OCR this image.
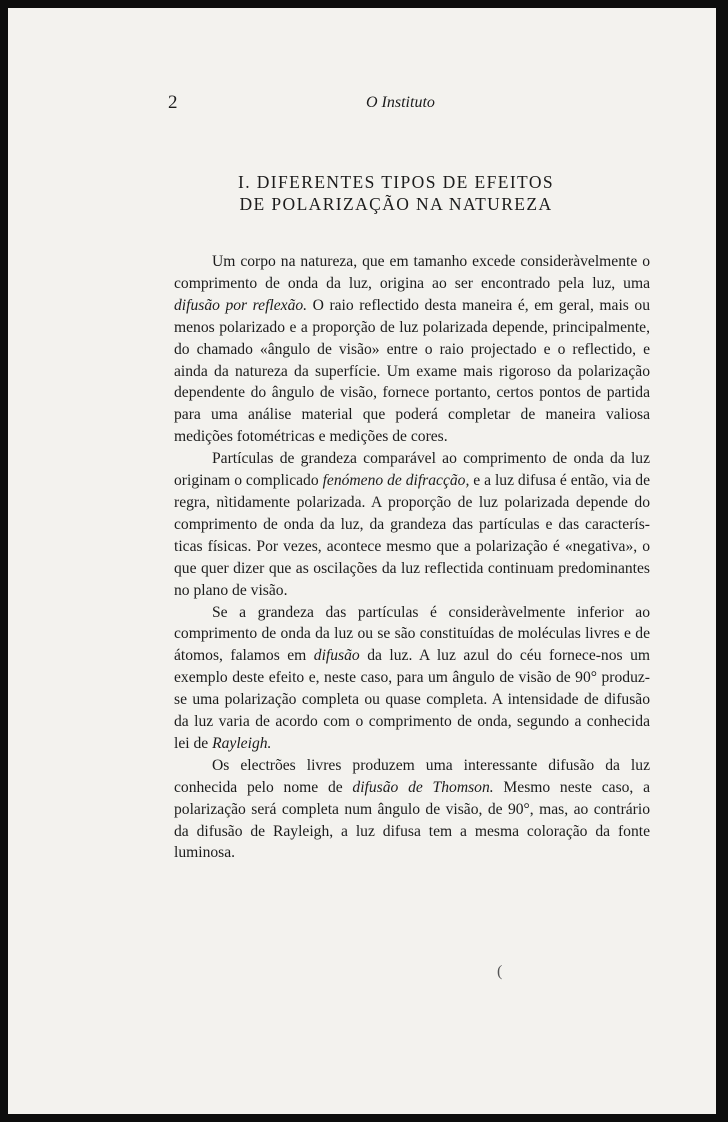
2	O Instituto
I. DIFERENTES TIPOS DE EFEITOS
DE POLARIZAÇÃO NA NATUREZA

Um corpo na natureza, que em tamanho excede consideràvelmente o comprimento de onda da luz, origina ao ser encontrado pela luz, uma difusão por reflexão. O raio reflectido desta maneira é, em geral, mais ou menos polarizado e a proporção de luz polarizada depende, principalmente, do chamado «ângulo de visão» entre o raio projectado e o reflectido, e ainda da natureza da superfície. Um exame mais rigoroso da polarização dependente do ângulo de visão, fornece portanto, certos pontos de partida para uma análise material que poderá completar de maneira valiosa medições fotométricas e medições de cores.

Partículas de grandeza comparável ao comprimento de onda da luz originam o complicado fenómeno de difracção, e a luz difusa é então, via de regra, nìtidamente polarizada. A proporção de luz polarizada depende do comprimento de onda da luz, da grandeza das partículas e das características físicas. Por vezes, acontece mesmo que a polarização é «negativa», o que quer dizer que as oscilações da luz reflectida continuam predominantes no plano de visão.

Se a grandeza das partículas é consideràvelmente inferior ao comprimento de onda da luz ou se são constituídas de moléculas livres e de átomos, falamos em difusão da luz. A luz azul do céu fornece-nos um exemplo deste efeito e, neste caso, para um ângulo de visão de 90° produz-se uma polarização completa ou quase completa. A intensidade de difusão da luz varia de acordo com o comprimento de onda, segundo a conhecida lei de Rayleigh.

Os electrões livres produzem uma interessante difusão da luz conhecida pelo nome de difusão de Thomson. Mesmo neste caso, a polarização será completa num ângulo de visão, de 90°, mas, ao contrário da difusão de Rayleigh, a luz difusa tem a mesma coloração da fonte luminosa.

(
